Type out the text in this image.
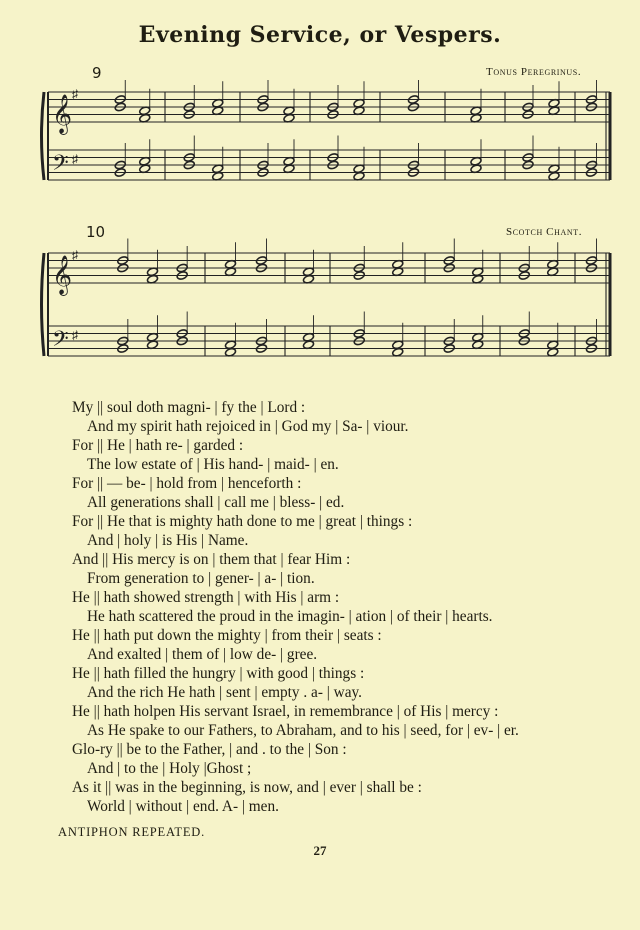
Evening Service, or Vespers.
9	Tonus Peregrinus.
𝄞
𝄢
♯
♯
10	Scotch Chant.
𝄞
𝄢
♯
♯
My || soul doth magni- | fy the | Lord :
And my spirit hath rejoiced in | God my | Sa- | viour.
For || He | hath re- | garded :
The low estate of | His hand- | maid- | en.
For || — be- | hold from | henceforth :
All generations shall | call me | bless- | ed.
For || He that is mighty hath done to me | great | things :
And | holy | is His | Name.
And || His mercy is on | them that | fear Him :
From generation to | gener- | a- | tion.
He || hath showed strength | with His | arm :
He hath scattered the proud in the imagin- | ation | of their | hearts.
He || hath put down the mighty | from their | seats :
And exalted | them of | low de- | gree.
He || hath filled the hungry | with good | things :
And the rich He hath | sent | empty . a- | way.
He || hath holpen His servant Israel, in remembrance | of His | mercy :
As He spake to our Fathers, to Abraham, and to his | seed, for | ev- | er.
Glo-ry || be to the Father, | and . to the | Son :
And | to the | Holy |Ghost ;
As it || was in the beginning, is now, and | ever | shall be :
World | without | end. A- | men.
ANTIPHON REPEATED.
27
